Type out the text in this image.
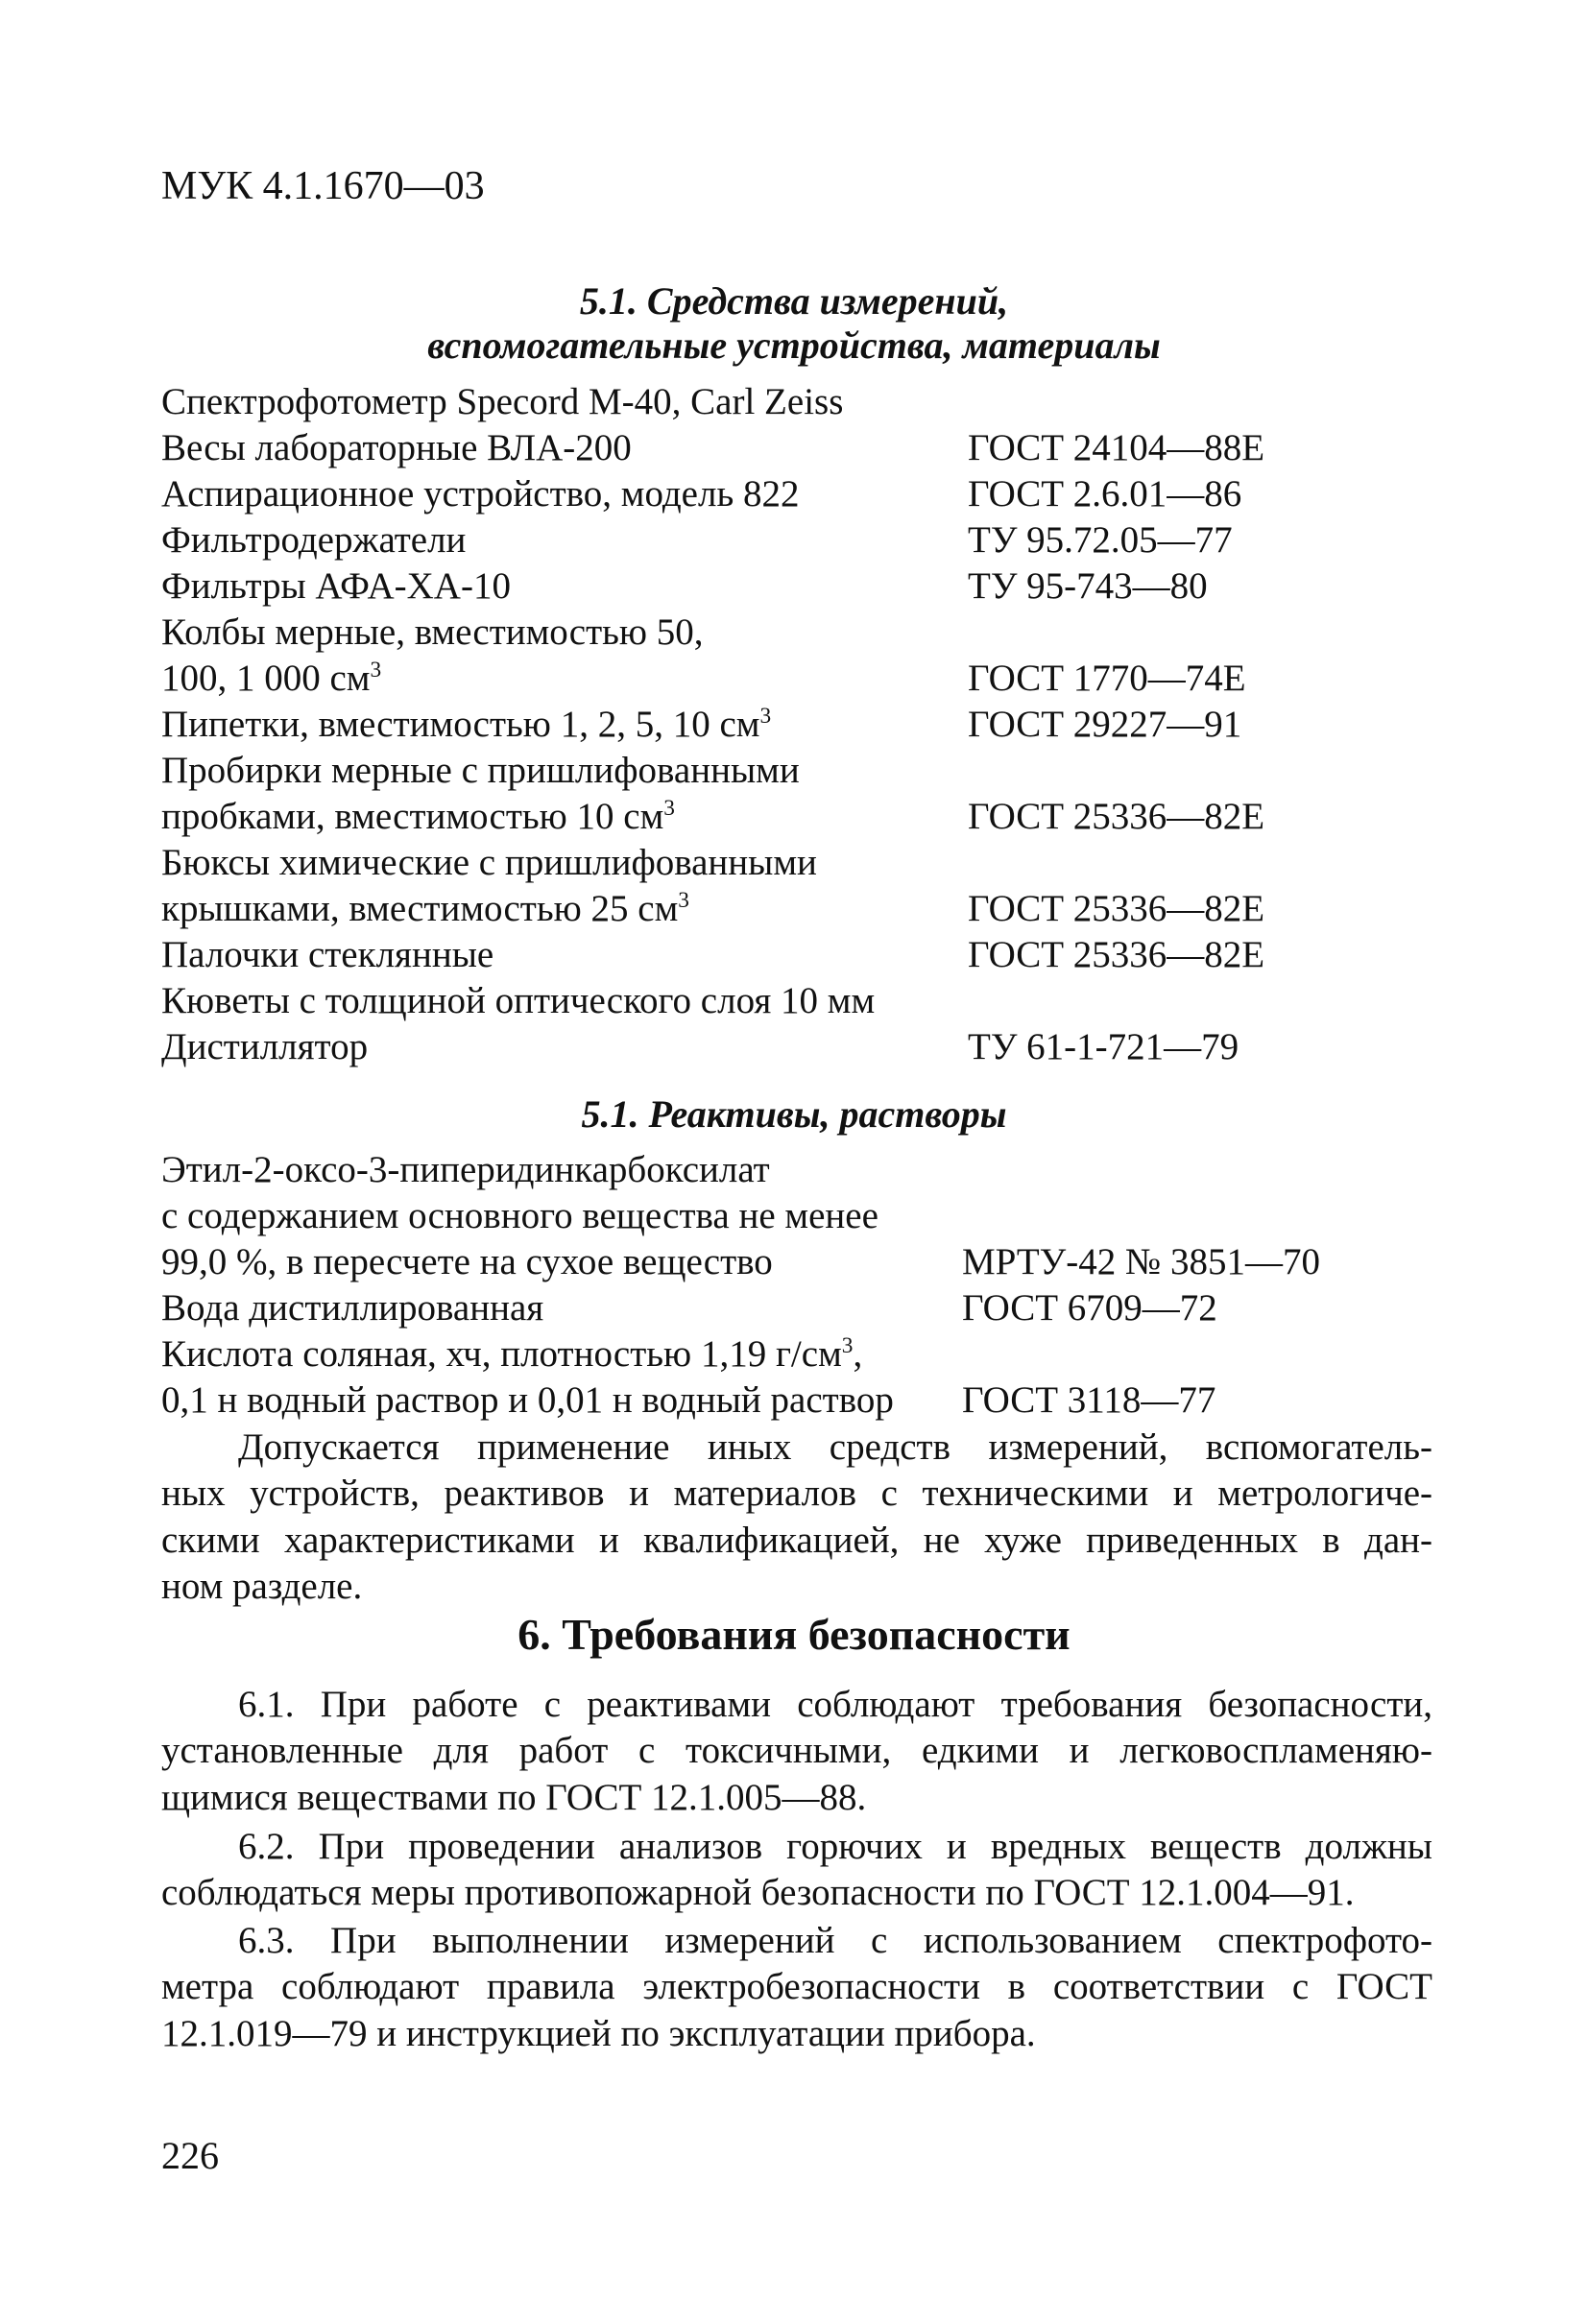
МУК 4.1.1670—03
5.1. Средства измерений,
вспомогательные устройства, материалы
Спектрофотометр Specord M-40, Carl Zeiss
Весы лабораторные ВЛА-200	ГОСТ 24104—88Е
Аспирационное устройство, модель 822	ГОСТ 2.6.01—86
Фильтродержатели	ТУ 95.72.05—77
Фильтры АФА-ХА-10	ТУ 95-743—80
Колбы мерные, вместимостью 50,
100, 1 000 $см^3$	ГОСТ 1770—74Е
Пипетки, вместимостью 1, 2, 5, 10 $см^3$	ГОСТ 29227—91
Пробирки мерные с пришлифованными
пробками, вместимостью 10 $см^3$	ГОСТ 25336—82Е
Бюксы химические с пришлифованными
крышками, вместимостью 25 $см^3$	ГОСТ 25336—82Е
Палочки стеклянные	ГОСТ 25336—82Е
Кюветы с толщиной оптического слоя 10 мм
Дистиллятор	ТУ 61-1-721—79
5.1. Реактивы, растворы
Этил-2-оксо-3-пиперидинкарбоксилат
с содержанием основного вещества не менее
99,0 %, в пересчете на сухое вещество	МРТУ-42 № 3851—70
Вода дистиллированная	ГОСТ 6709—72
Кислота соляная, хч, плотностью 1,19 $г/см^3$,
0,1 н водный раствор и 0,01 н водный раствор ГОСТ 3118—77
Допускается применение иных средств измерений, вспомогатель-
ных устройств, реактивов и материалов с техническими и метрологиче-
скими характеристиками и квалификацией, не хуже приведенных в дан-
ном разделе.
6. Требования безопасности
6.1. При работе с реактивами соблюдают требования безопасности,
установленные для работ с токсичными, едкими и легковоспламеняю-
щимися веществами по ГОСТ 12.1.005—88.
6.2. При проведении анализов горючих и вредных веществ должны
соблюдаться меры противопожарной безопасности по ГОСТ 12.1.004—91.
6.3. При выполнении измерений с использованием спектрофото-
метра соблюдают правила электробезопасности в соответствии с ГОСТ
12.1.019—79 и инструкцией по эксплуатации прибора.
226
